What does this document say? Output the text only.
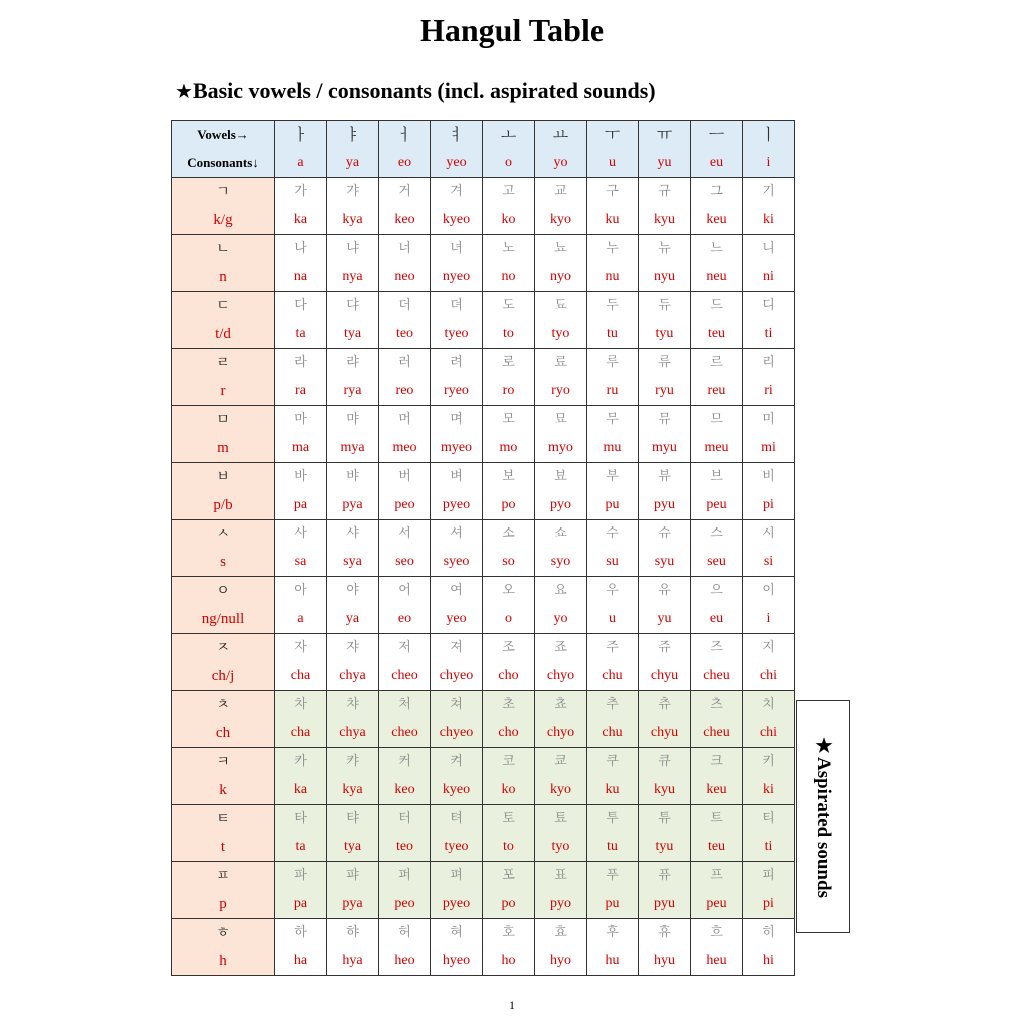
Hangul Table
★Basic vowels / consonants (incl. aspirated sounds)
Vowels→	ㅏ	ㅑ	ㅓ	ㅕ	ㅗ	ㅛ	ㅜ	ㅠ	ㅡ	ㅣ
Consonants↓	a	ya	eo	yeo	o	yo	u	yu	eu	i
ㄱ	가	갸	거	겨	고	교	구	규	그	기
k/g	ka	kya	keo	kyeo	ko	kyo	ku	kyu	keu	ki
ㄴ	나	냐	너	녀	노	뇨	누	뉴	느	니
n	na	nya	neo	nyeo	no	nyo	nu	nyu	neu	ni
ㄷ	다	댜	더	뎌	도	됴	두	듀	드	디
t/d	ta	tya	teo	tyeo	to	tyo	tu	tyu	teu	ti
ㄹ	라	랴	러	려	로	료	루	류	르	리
r	ra	rya	reo	ryeo	ro	ryo	ru	ryu	reu	ri
ㅁ	마	먀	머	며	모	묘	무	뮤	므	미
m	ma	mya	meo	myeo	mo	myo	mu	myu	meu	mi
ㅂ	바	뱌	버	벼	보	뵤	부	뷰	브	비
p/b	pa	pya	peo	pyeo	po	pyo	pu	pyu	peu	pi
ㅅ	사	샤	서	셔	소	쇼	수	슈	스	시
s	sa	sya	seo	syeo	so	syo	su	syu	seu	si
ㅇ	아	야	어	여	오	요	우	유	으	이
ng/null	a	ya	eo	yeo	o	yo	u	yu	eu	i
ㅈ	자	쟈	저	져	조	죠	주	쥬	즈	지
ch/j	cha	chya	cheo	chyeo	cho	chyo	chu	chyu	cheu	chi
ㅊ	차	챠	처	쳐	초	쵸	추	츄	츠	치
ch	cha	chya	cheo	chyeo	cho	chyo	chu	chyu	cheu	chi
ㅋ	카	캬	커	켜	코	쿄	쿠	큐	크	키
k	ka	kya	keo	kyeo	ko	kyo	ku	kyu	keu	ki
ㅌ	타	탸	터	텨	토	툐	투	튜	트	티
t	ta	tya	teo	tyeo	to	tyo	tu	tyu	teu	ti
ㅍ	파	퍄	퍼	펴	포	표	푸	퓨	프	피
p	pa	pya	peo	pyeo	po	pyo	pu	pyu	peu	pi
ㅎ	하	햐	허	혀	호	효	후	휴	흐	히
h	ha	hya	heo	hyeo	ho	hyo	hu	hyu	heu	hi
★Aspirated sounds
1
